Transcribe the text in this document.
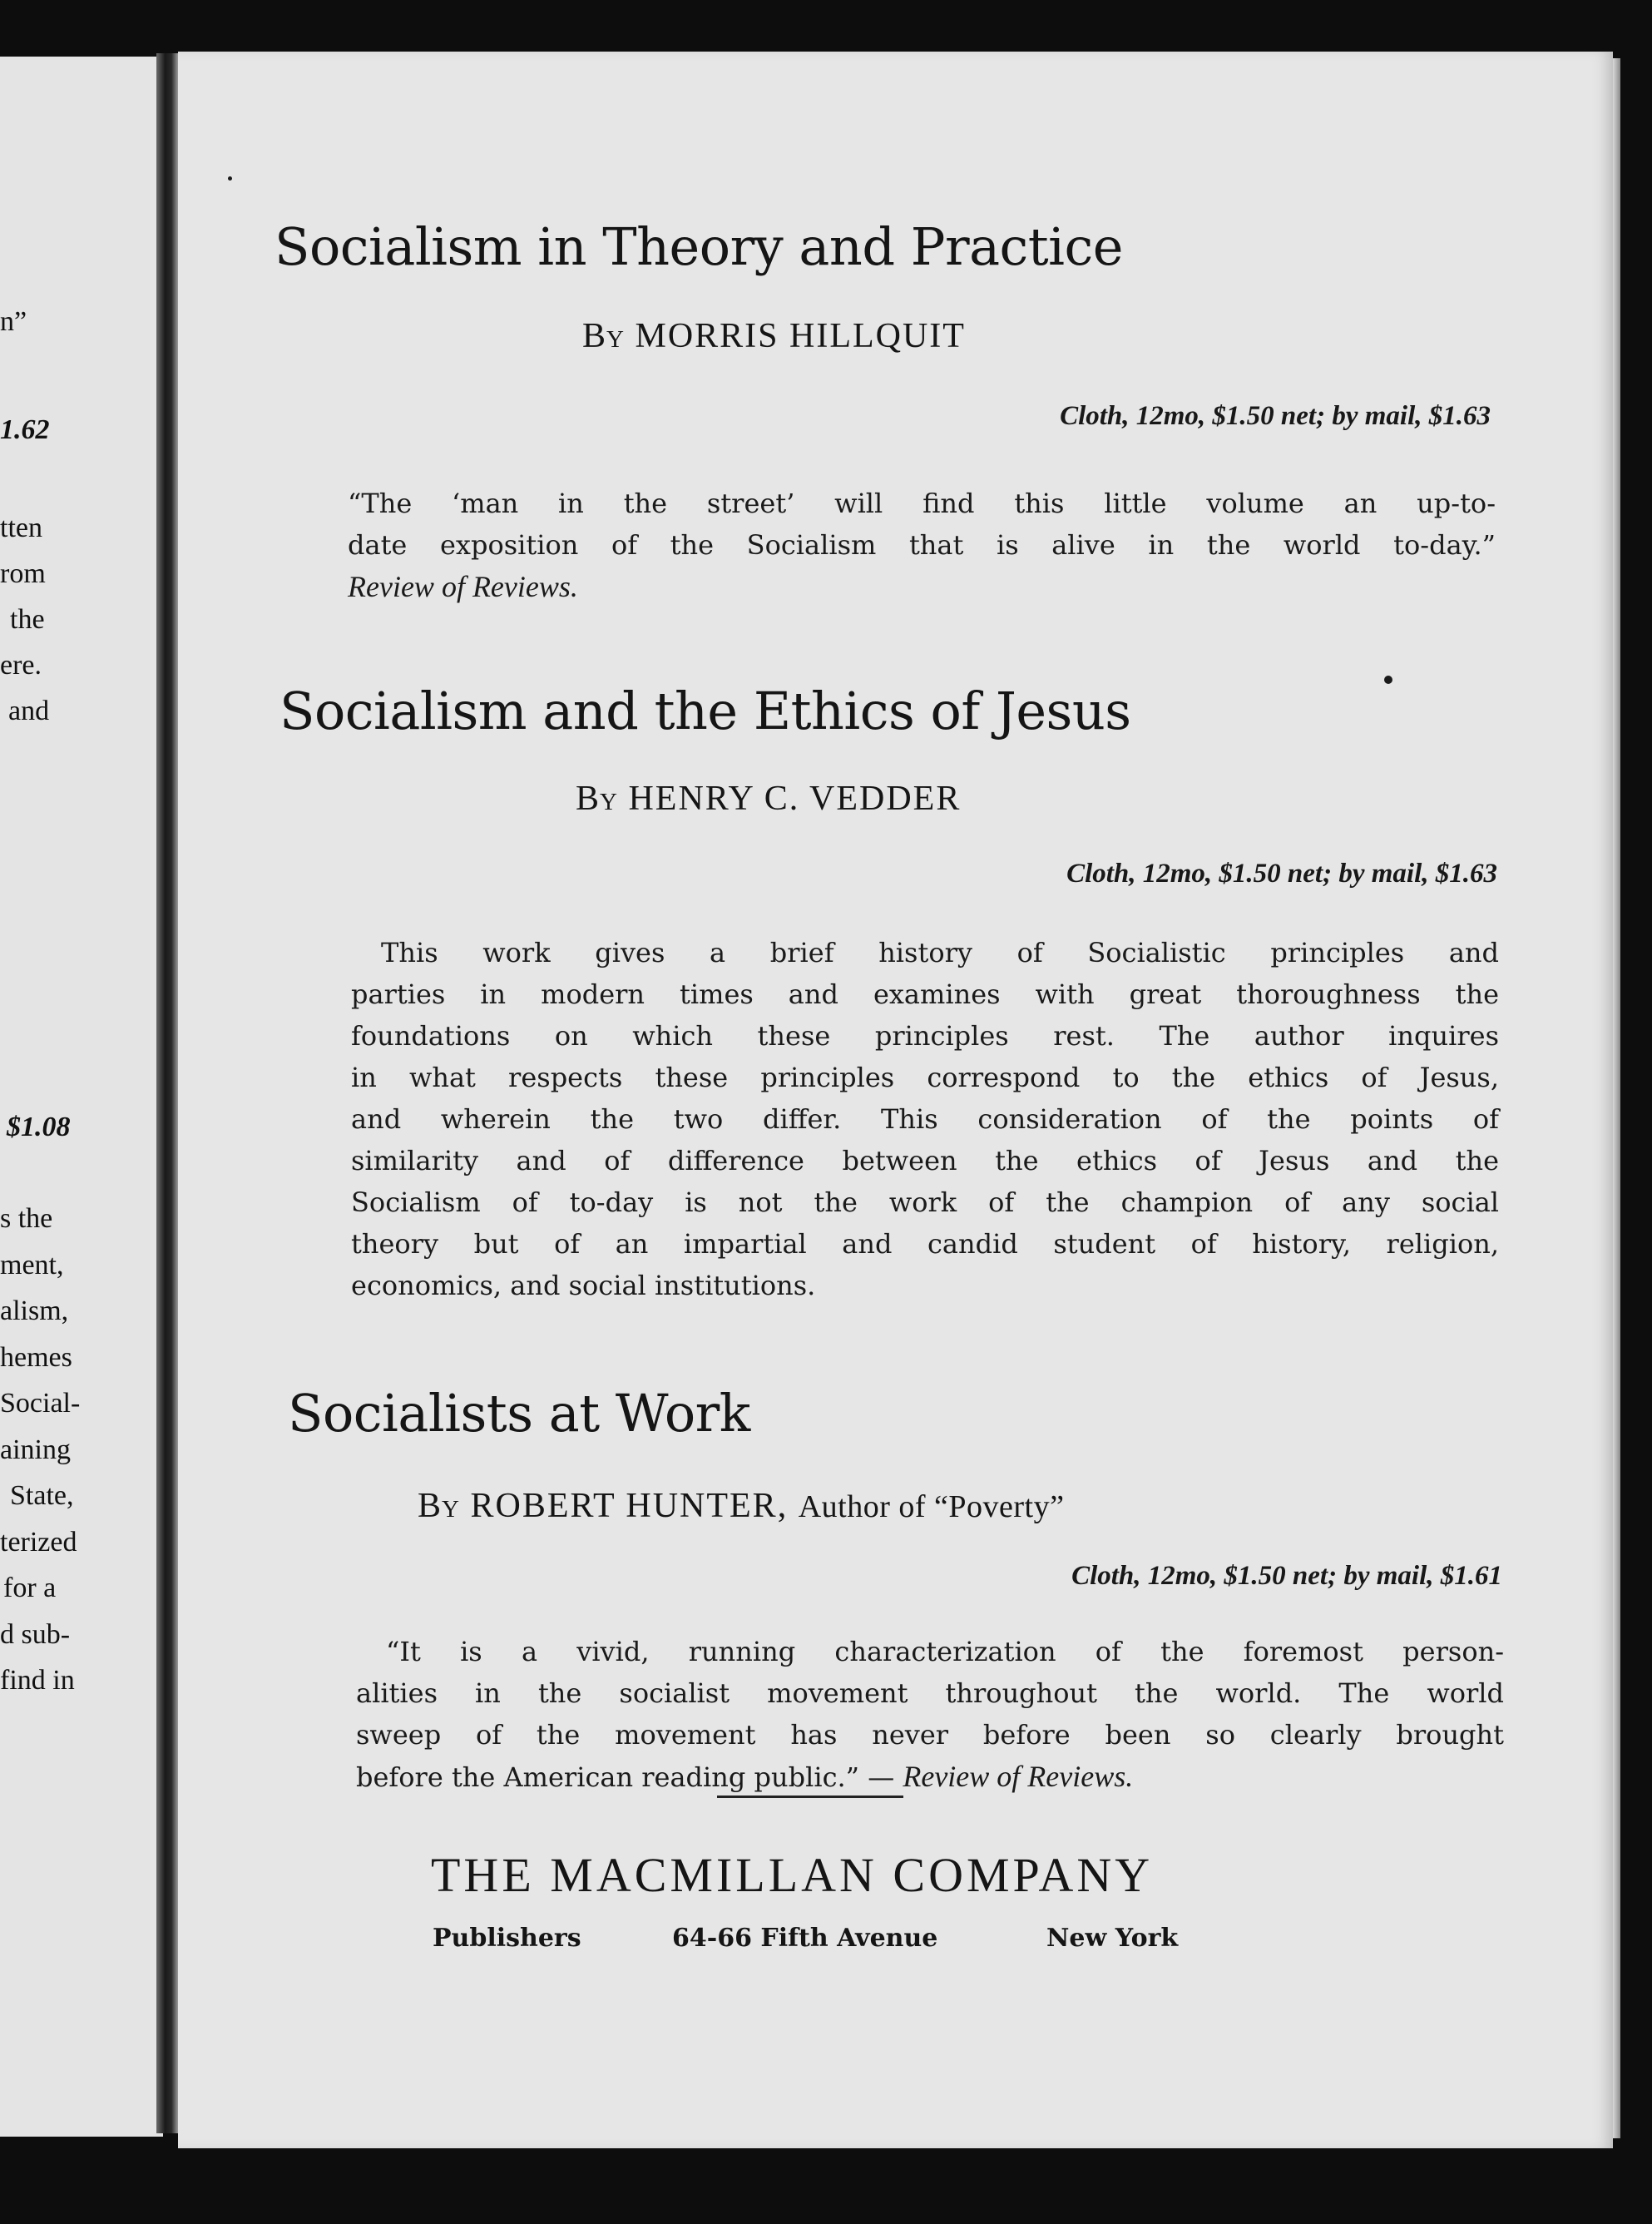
n”
1.62
tten
rom
the
ere.
and
$1.08
s the
ment,
alism,
hemes
Social-
aining
State,
terized
for a
d sub-
find in
Socialism in Theory and Practice
By MORRIS HILLQUIT
Cloth, 12mo, $1.50 net; by mail, $1.63
“The ‘man in the street’ will find this little volume an up-to-
date exposition of the Socialism that is alive in the world to-day.”
Review of Reviews.
Socialism and the Ethics of Jesus
By HENRY C. VEDDER
Cloth, 12mo, $1.50 net; by mail, $1.63
This work gives a brief history of Socialistic principles and
parties in modern times and examines with great thoroughness the
foundations on which these principles rest. The author inquires
in what respects these principles correspond to the ethics of Jesus,
and wherein the two differ. This consideration of the points of
similarity and of difference between the ethics of Jesus and the
Socialism of to-day is not the work of the champion of any social
theory but of an impartial and candid student of history, religion,
economics, and social institutions.
Socialists at Work
By ROBERT HUNTER, Author of “Poverty”
Cloth, 12mo, $1.50 net; by mail, $1.61
“It is a vivid, running characterization of the foremost person-
alities in the socialist movement throughout the world. The world
sweep of the movement has never before been so clearly brought
before the American reading public.” — Review of Reviews.
THE MACMILLAN COMPANY
Publishers	64-66 Fifth Avenue	New York
